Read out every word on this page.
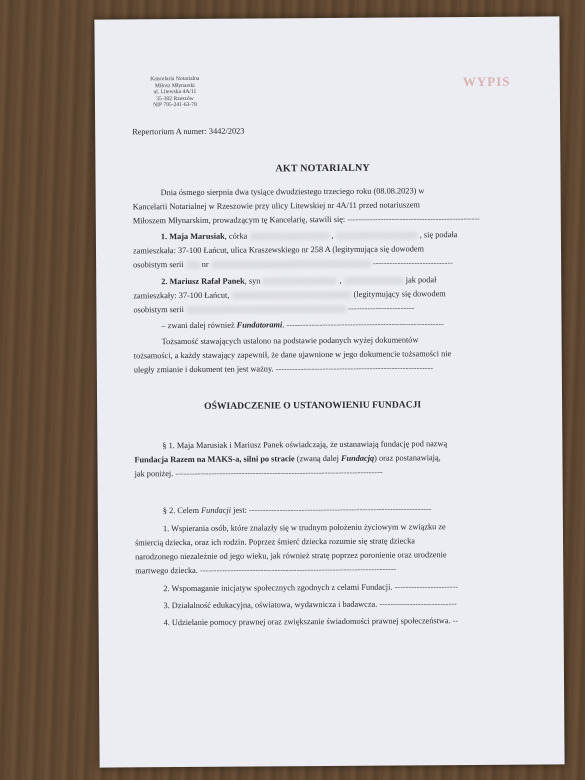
Kancelaria Notarialna
Miłosz Młynarski
ul. Litewska 4A/11
35-302 Rzeszów
NIP 795-241-63-78
WYPIS
Repertorium A numer: 3442/2023
AKT NOTARIALNY
Dnia ósmego sierpnia dwa tysiące dwudziestego trzeciego roku (08.08.2023) w
Kancelarii Notarialnej w Rzeszowie przy ulicy Litewskiej nr 4A/11 przed notariuszem
Miłoszem Młynarskim, prowadzącym tę Kancelarię, stawili się: ------------------------------------------------
1. Maja Marusiak, córka	,	, się podała
zamieszkała: 37-100 Łańcut, ulica Kraszewskiego nr 258 A (legitymująca się dowodem
osobistym serii nr	-----------------------------
2. Mariusz Rafał Panek, syn	,	jak podał
zamieszkały: 37-100 Łańcut,	(legitymujący się dowodem
osobistym serii	------------------------
– zwani dalej również Fundatorami. ---------------------------------------------------------
Tożsamość stawających ustalono na podstawie podanych wyżej dokumentów
tożsamości, a każdy stawający zapewnił, że dane ujawnione w jego dokumencie tożsamości nie
uległy zmianie i dokument ten jest ważny. ---------------------------------------------------------
OŚWIADCZENIE O USTANOWIENIU FUNDACJI
§ 1. Maja Marusiak i Mariusz Panek oświadczają, że ustanawiają fundację pod nazwą
Fundacja Razem na MAKS-a, silni po stracie (zwaną dalej Fundacją) oraz postanawiają,
jak poniżej. ---------------------------------------------------------------------------
§ 2. Celem Fundacji jest: ------------------------------------------------------------------
1. Wspierania osób, które znalazły się w trudnym położeniu życiowym w związku ze
śmiercią dziecka, oraz ich rodzin. Poprzez śmierć dziecka rozumie się stratę dziecka
narodzonego niezależnie od jego wieku, jak również stratę poprzez poronienie oraz urodzenie
martwego dziecka. -----------------------------------------------------------------------
2. Wspomaganie inicjatyw społecznych zgodnych z celami Fundacji. -----------------------
3. Działalność edukacyjna, oświatowa, wydawnicza i badawcza. ----------------------------
4. Udzielanie pomocy prawnej oraz zwiększanie świadomości prawnej społeczeństwa. --
